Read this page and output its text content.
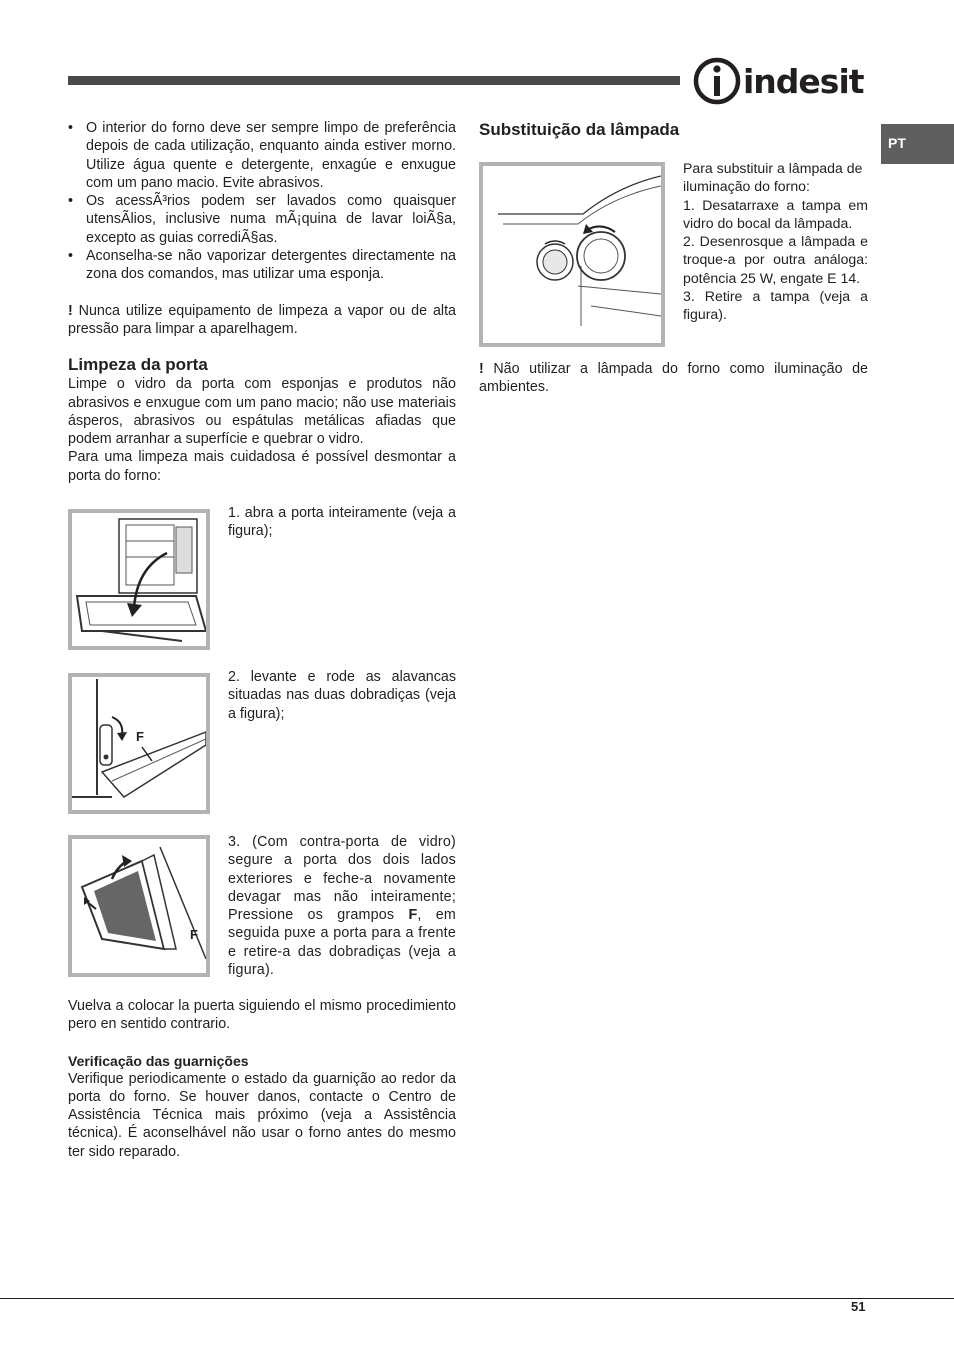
indesit
PT
• O interior do forno deve ser sempre limpo de preferência depois de cada utilização, enquanto ainda estiver morno. Utilize água quente e detergente, enxagúe e enxugue com um pano macio. Evite abrasivos.
• Os acessÃ³rios podem ser lavados como quaisquer utensÃlios, inclusive numa mÃ¡quina de lavar loiÃ§a, excepto as guias corrediÃ§as.
• Aconselha-se não vaporizar detergentes directamente na zona dos comandos, mas utilizar uma esponja.

! Nunca utilize equipamento de limpeza a vapor ou de alta pressão para limpar a aparelhagem.

Limpeza da porta

Limpe o vidro da porta com esponjas e produtos não abrasivos e enxugue com um pano macio; não use materiais ásperos, abrasivos ou espátulas metálicas afiadas que podem arranhar a superfície e quebrar o vidro.

Para uma limpeza mais cuidadosa é possível desmontar a porta do forno:

1. abra a porta inteiramente (veja a figura);
F
2. levante e rode as alavancas situadas nas duas dobradiças (veja a figura);
F
3. (Com contra-porta de vidro) segure a porta dos dois lados exteriores e feche-a novamente devagar mas não inteiramente; Pressione os grampos F, em seguida puxe a porta para a frente e retire-a das dobradiças (veja a figura).

Vuelva a colocar la puerta siguiendo el mismo procedimiento pero en sentido contrario.

Verificação das guarnições

Verifique periodicamente o estado da guarnição ao redor da porta do forno. Se houver danos, contacte o Centro de Assistência Técnica mais próximo (veja a Assistência técnica). É aconselhável não usar o forno antes do mesmo ter sido reparado.

Substituição da lâmpada

Para substituir a lâmpada de iluminação do forno:

1. Desatarraxe a tampa em vidro do bocal da lâmpada.

2. Desenrosque a lâmpada e troque-a por outra análoga: potência 25 W, engate E 14.

3. Retire a tampa (veja a figura).

! Não utilizar a lâmpada do forno como iluminação de ambientes.

51
